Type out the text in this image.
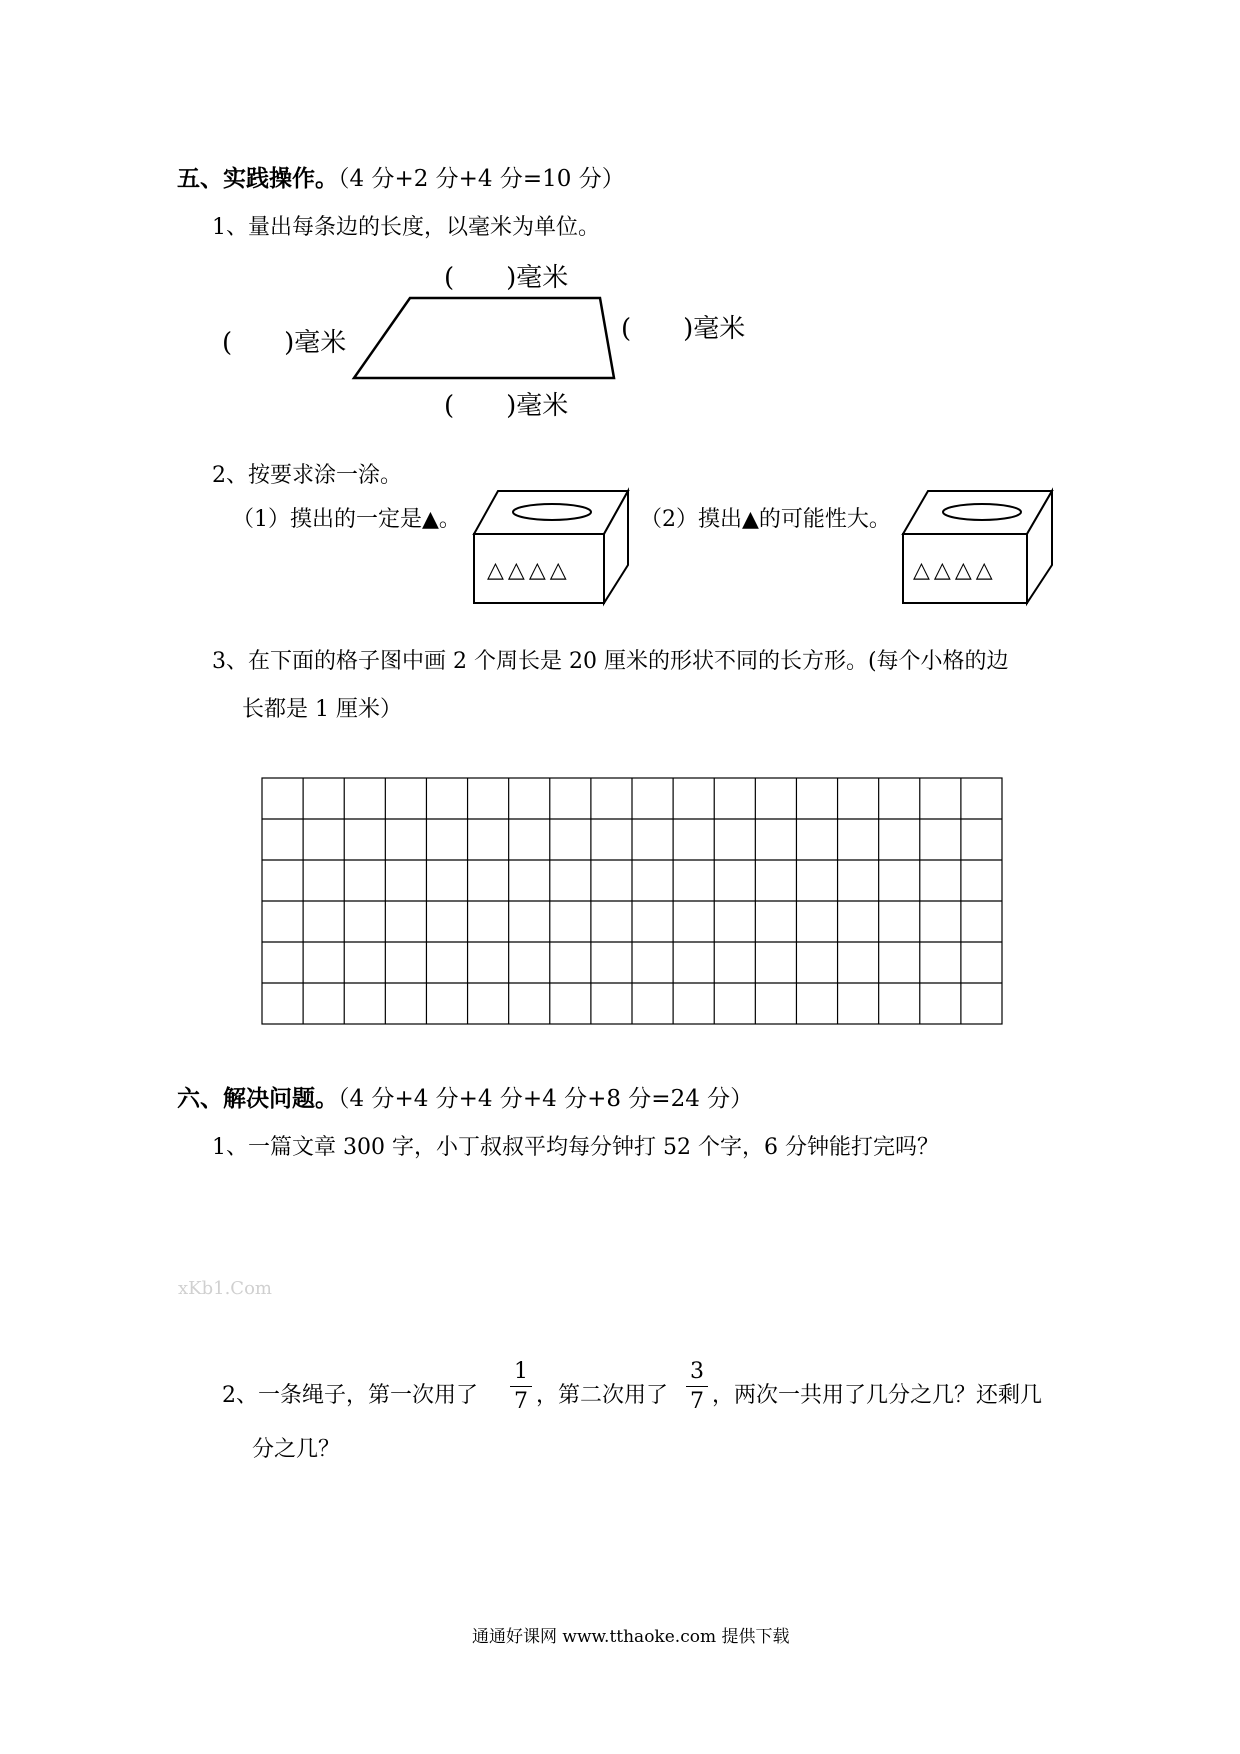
五、实践操作。（4 分+2 分+4 分=10 分）
1、量出每条边的长度，以毫米为单位。
(　　)毫米
(　　)毫米	(　　)毫米
(　　)毫米
2、按要求涂一涂。
（1）摸出的一定是▲。	（2）摸出▲的可能性大。
△△△△	△△△△
3、在下面的格子图中画 2 个周长是 20 厘米的形状不同的长方形。(每个小格的边
长都是 1 厘米）
六、解决问题。（4 分+4 分+4 分+4 分+8 分=24 分）
1、一篇文章 300 字，小丁叔叔平均每分钟打 52 个字，6 分钟能打完吗？
xKb1.Com
2、一条绳子，第一次用了 $\frac{1}{7}$ ，第二次用了 $\frac{3}{7}$ ，两次一共用了几分之几？还剩几
分之几？
通通好课网 www.tthaoke.com 提供下载
